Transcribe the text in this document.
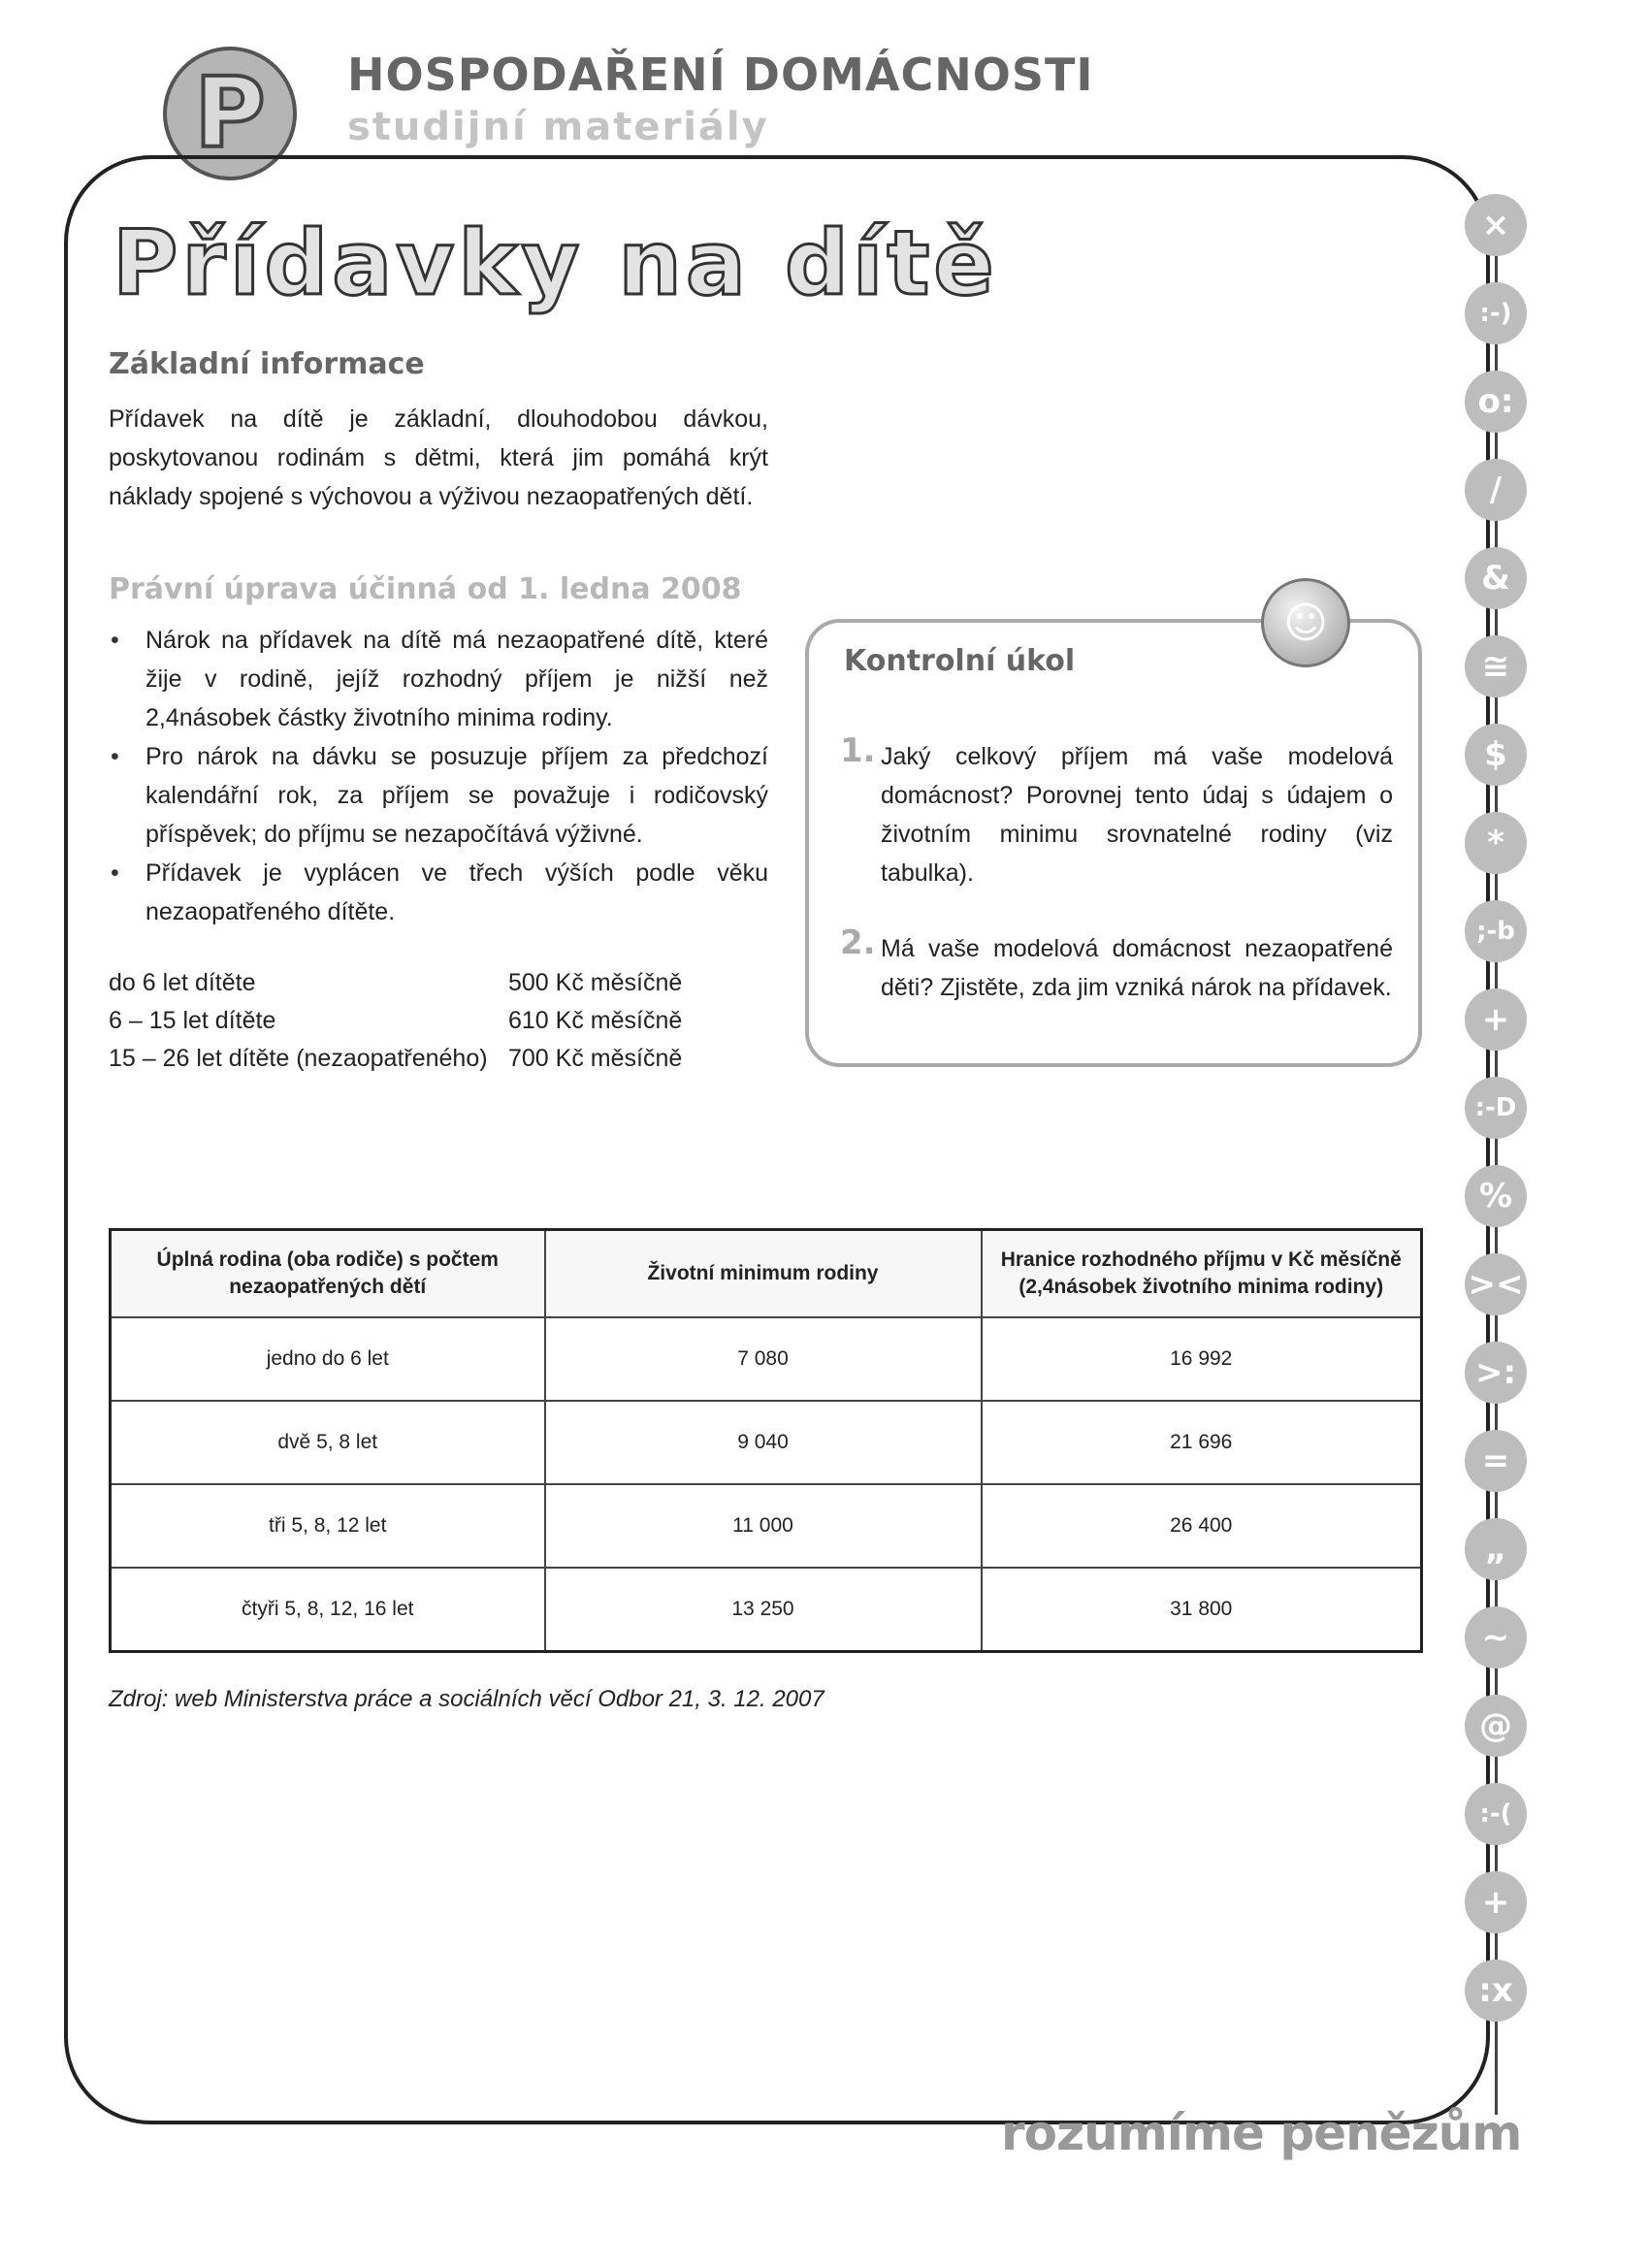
P HOSPODAŘENÍ DOMÁCNOSTI
studijní materiály
Přídavky na dítě
Základní informace
Přídavek na dítě je základní, dlouhodobou dávkou, poskytovanou rodinám s dětmi, která jim pomáhá krýt náklady spojené s výchovou a výživou nezaopatřených dětí.
Právní úprava účinná od 1. ledna 2008
• Nárok na přídavek na dítě má nezaopatřené dítě, které žije v rodině, jejíž rozhodný příjem je nižší než 2,4násobek částky životního minima rodiny.
• Pro nárok na dávku se posuzuje příjem za předchozí kalendářní rok, za příjem se považuje i rodičovský příspěvek; do příjmu se nezapočítává výživné.
• Přídavek je vyplácen ve třech výších podle věku nezaopatřeného dítěte.
do 6 let dítěte	500 Kč měsíčně
6 – 15 let dítěte	610 Kč měsíčně
15 – 26 let dítěte (nezaopatřeného)	700 Kč měsíčně
☺
Kontrolní úkol
1. Jaký celkový příjem má vaše modelová domácnost? Porovnej tento údaj s údajem o životním minimu srovnatelné rodiny (viz tabulka).
2. Má vaše modelová domácnost nezaopatřené děti? Zjistěte, zda jim vzniká nárok na přídavek.
Úplná rodina (oba rodiče) s počtem nezaopatřených dětí	Životní minimum rodiny	Hranice rozhodného příjmu v Kč měsíčně (2,4násobek životního minima rodiny)
jedno do 6 let	7 080	16 992
dvě 5, 8 let	9 040	21 696
tři 5, 8, 12 let	11 000	26 400
čtyři 5, 8, 12, 16 let	13 250	31 800
Zdroj: web Ministerstva práce a sociálních věcí Odbor 21, 3. 12. 2007
×
:-)
o:
/
&
≅
$
*
;-b
+
:-D
%
><
>:
=
„
~
@
:-(
+
:x
rozumíme penězům
